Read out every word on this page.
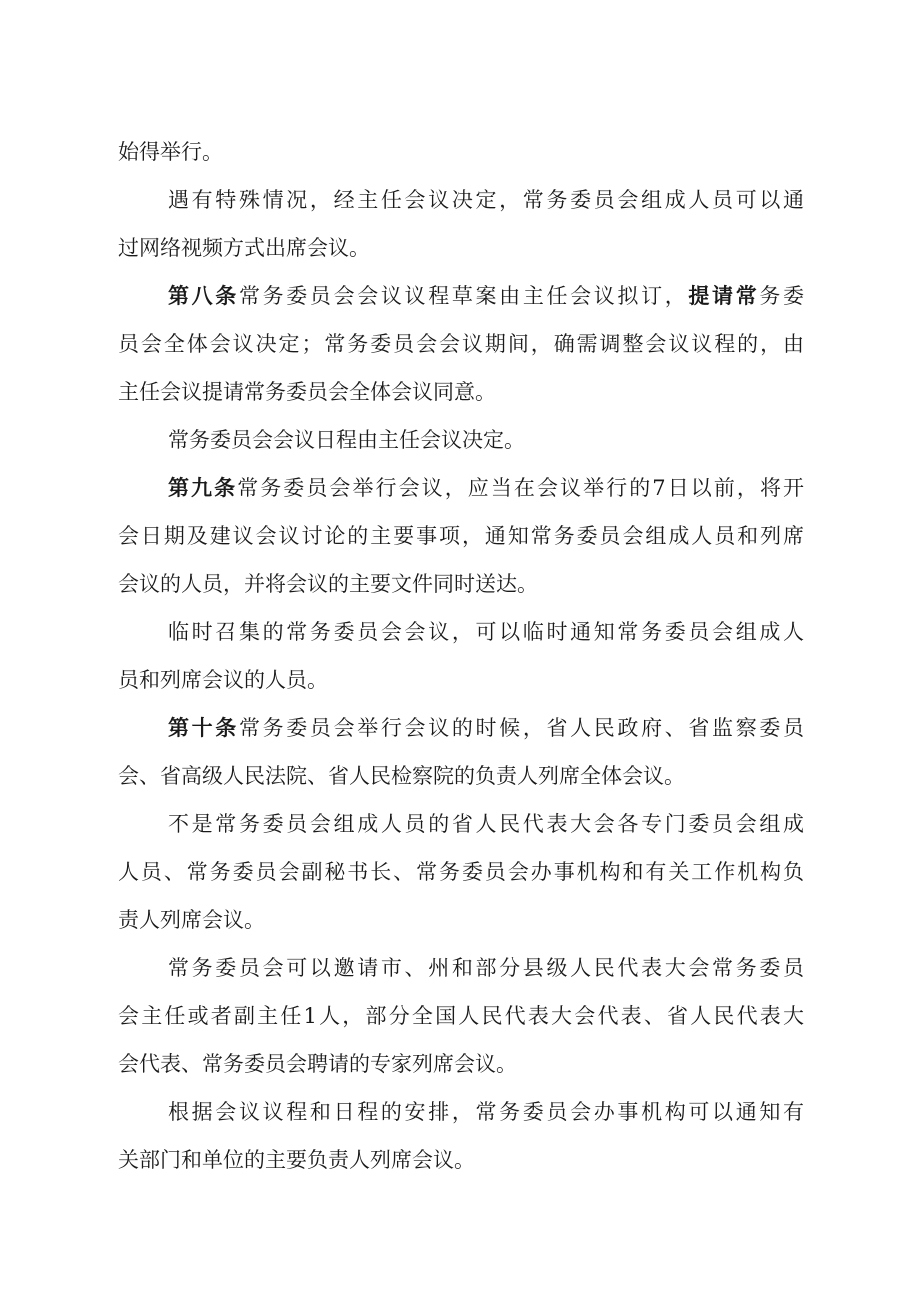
始得举行。
遇有特殊情况，经主任会议决定，常务委员会组成人员可以通
过网络视频方式出席会议。
第八条常务委员会会议议程草案由主任会议拟订，提请常务委
员会全体会议决定；常务委员会会议期间，确需调整会议议程的，由
主任会议提请常务委员会全体会议同意。
常务委员会会议日程由主任会议决定。
第九条常务委员会举行会议，应当在会议举行的7日以前，将开
会日期及建议会议讨论的主要事项，通知常务委员会组成人员和列席
会议的人员，并将会议的主要文件同时送达。
临时召集的常务委员会会议，可以临时通知常务委员会组成人
员和列席会议的人员。
第十条常务委员会举行会议的时候，省人民政府、省监察委员
会、省高级人民法院、省人民检察院的负责人列席全体会议。
不是常务委员会组成人员的省人民代表大会各专门委员会组成
人员、常务委员会副秘书长、常务委员会办事机构和有关工作机构负
责人列席会议。
常务委员会可以邀请市、州和部分县级人民代表大会常务委员
会主任或者副主任1人，部分全国人民代表大会代表、省人民代表大
会代表、常务委员会聘请的专家列席会议。
根据会议议程和日程的安排，常务委员会办事机构可以通知有
关部门和单位的主要负责人列席会议。
